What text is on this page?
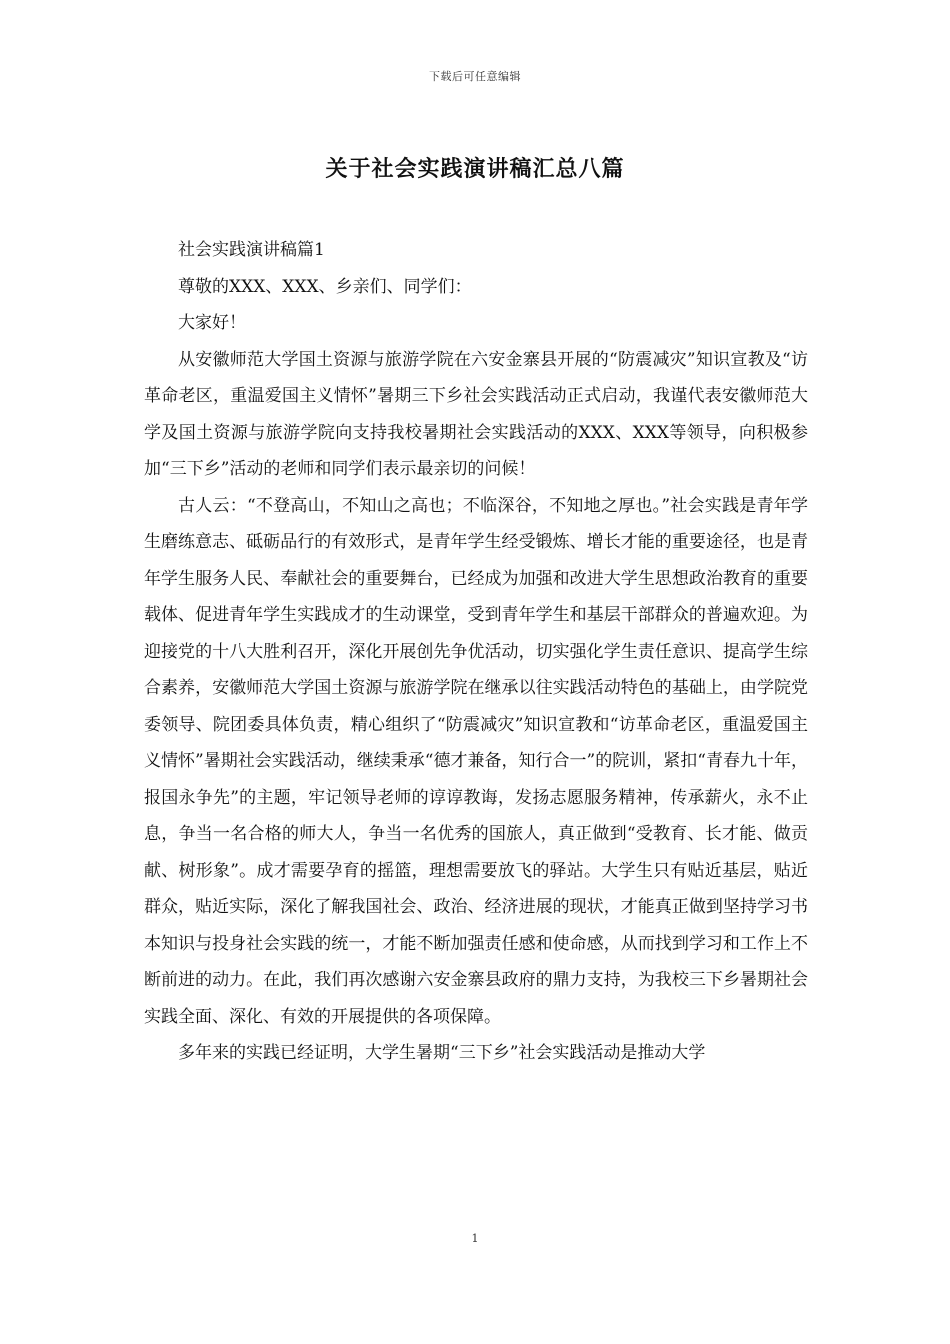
下载后可任意编辑
关于社会实践演讲稿汇总八篇

社会实践演讲稿篇1

尊敬的XXX、XXX、乡亲们、同学们：

大家好！

从安徽师范大学国土资源与旅游学院在六安金寨县开展的“防震减灾”知识宣教及“访革命老区，重温爱国主义情怀”暑期三下乡社会实践活动正式启动，我谨代表安徽师范大学及国土资源与旅游学院向支持我校暑期社会实践活动的XXX、XXX等领导，向积极参加“三下乡”活动的老师和同学们表示最亲切的问候！

古人云：“不登高山，不知山之高也；不临深谷，不知地之厚也。”社会实践是青年学生磨练意志、砥砺品行的有效形式，是青年学生经受锻炼、增长才能的重要途径，也是青年学生服务人民、奉献社会的重要舞台，已经成为加强和改进大学生思想政治教育的重要载体、促进青年学生实践成才的生动课堂，受到青年学生和基层干部群众的普遍欢迎。为迎接党的十八大胜利召开，深化开展创先争优活动，切实强化学生责任意识、提高学生综合素养，安徽师范大学国土资源与旅游学院在继承以往实践活动特色的基础上，由学院党委领导、院团委具体负责，精心组织了“防震减灾”知识宣教和“访革命老区，重温爱国主义情怀”暑期社会实践活动，继续秉承“德才兼备，知行合一”的院训，紧扣“青春九十年，报国永争先”的主题，牢记领导老师的谆谆教诲，发扬志愿服务精神，传承薪火，永不止息，争当一名合格的师大人，争当一名优秀的国旅人，真正做到“受教育、长才能、做贡献、树形象”。成才需要孕育的摇篮，理想需要放飞的驿站。大学生只有贴近基层，贴近群众，贴近实际，深化了解我国社会、政治、经济进展的现状，才能真正做到坚持学习书本知识与投身社会实践的统一，才能不断加强责任感和使命感，从而找到学习和工作上不断前进的动力。在此，我们再次感谢六安金寨县政府的鼎力支持，为我校三下乡暑期社会实践全面、深化、有效的开展提供的各项保障。

多年来的实践已经证明，大学生暑期“三下乡”社会实践活动是推动大学

1
